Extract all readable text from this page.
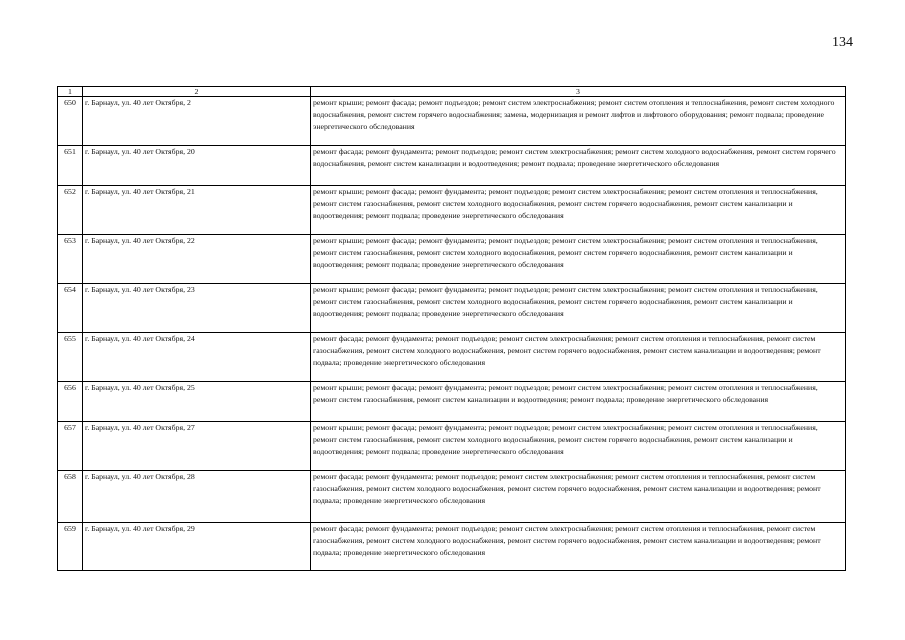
134
1	2	3
650	г. Барнаул, ул. 40 лет Октября, 2	ремонт крыши; ремонт фасада; ремонт подъездов; ремонт систем электроснабжения; ремонт систем отопления и теплоснабжения, ремонт систем холодного водоснабжения, ремонт систем горячего водоснабжения; замена, модернизация и ремонт лифтов и лифтового оборудования; ремонт подвала; проведение энергетического обследования
651	г. Барнаул, ул. 40 лет Октября, 20	ремонт фасада; ремонт фундамента; ремонт подъездов; ремонт систем электроснабжения; ремонт систем холодного водоснабжения, ремонт систем горячего водоснабжения, ремонт систем канализации и водоотведения; ремонт подвала; проведение энергетического обследования
652	г. Барнаул, ул. 40 лет Октября, 21	ремонт крыши; ремонт фасада; ремонт фундамента; ремонт подъездов; ремонт систем электроснабжения; ремонт систем отопления и теплоснабжения, ремонт систем газоснабжения, ремонт систем холодного водоснабжения, ремонт систем горячего водоснабжения, ремонт систем канализации и водоотведения; ремонт подвала; проведение энергетического обследования
653	г. Барнаул, ул. 40 лет Октября, 22	ремонт крыши; ремонт фасада; ремонт фундамента; ремонт подъездов; ремонт систем электроснабжения; ремонт систем отопления и теплоснабжения, ремонт систем газоснабжения, ремонт систем холодного водоснабжения, ремонт систем горячего водоснабжения, ремонт систем канализации и водоотведения; ремонт подвала; проведение энергетического обследования
654	г. Барнаул, ул. 40 лет Октября, 23	ремонт крыши; ремонт фасада; ремонт фундамента; ремонт подъездов; ремонт систем электроснабжения; ремонт систем отопления и теплоснабжения, ремонт систем газоснабжения, ремонт систем холодного водоснабжения, ремонт систем горячего водоснабжения, ремонт систем канализации и водоотведения; ремонт подвала; проведение энергетического обследования
655	г. Барнаул, ул. 40 лет Октября, 24	ремонт фасада; ремонт фундамента; ремонт подъездов; ремонт систем электроснабжения; ремонт систем отопления и теплоснабжения, ремонт систем газоснабжения, ремонт систем холодного водоснабжения, ремонт систем горячего водоснабжения, ремонт систем канализации и водоотведения; ремонт подвала; проведение энергетического обследования
656	г. Барнаул, ул. 40 лет Октября, 25	ремонт крыши; ремонт фасада; ремонт фундамента; ремонт подъездов; ремонт систем электроснабжения; ремонт систем отопления и теплоснабжения, ремонт систем газоснабжения, ремонт систем канализации и водоотведения; ремонт подвала; проведение энергетического обследования
657	г. Барнаул, ул. 40 лет Октября, 27	ремонт крыши; ремонт фасада; ремонт фундамента; ремонт подъездов; ремонт систем электроснабжения; ремонт систем отопления и теплоснабжения, ремонт систем газоснабжения, ремонт систем холодного водоснабжения, ремонт систем горячего водоснабжения, ремонт систем канализации и водоотведения; ремонт подвала; проведение энергетического обследования
658	г. Барнаул, ул. 40 лет Октября, 28	ремонт фасада; ремонт фундамента; ремонт подъездов; ремонт систем электроснабжения; ремонт систем отопления и теплоснабжения, ремонт систем газоснабжения, ремонт систем холодного водоснабжения, ремонт систем горячего водоснабжения, ремонт систем канализации и водоотведения; ремонт подвала; проведение энергетического обследования
659	г. Барнаул, ул. 40 лет Октября, 29	ремонт фасада; ремонт фундамента; ремонт подъездов; ремонт систем электроснабжения; ремонт систем отопления и теплоснабжения, ремонт систем газоснабжения, ремонт систем холодного водоснабжения, ремонт систем горячего водоснабжения, ремонт систем канализации и водоотведения; ремонт подвала; проведение энергетического обследования
